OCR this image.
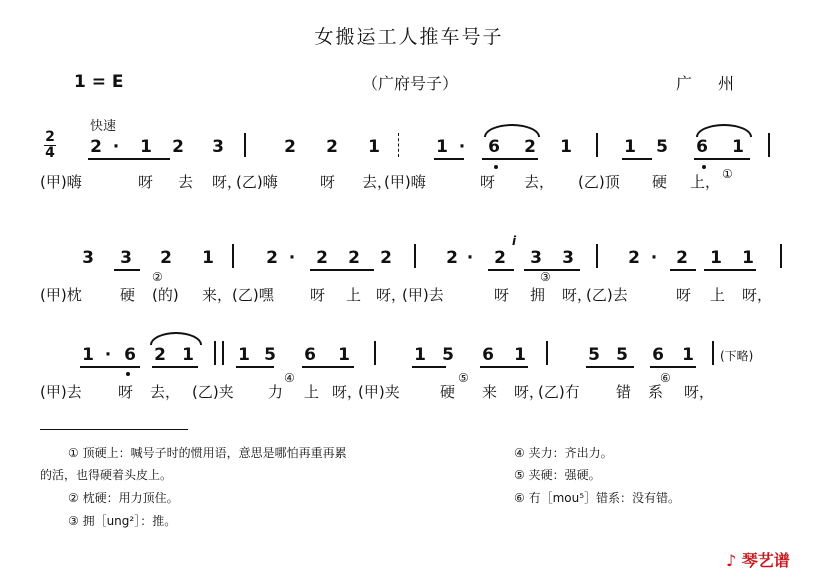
女搬运工人推车号子
1 = E	（广府号子）	广州
快速
2
4 2 · 1 2 3	2 2 1	1 · 6 2 1	1 5 6 1
(甲)嗨	呀 去 呀，
(乙)嗨	呀 去，
(甲)嗨	呀 去， (乙)顶 硬 上， ①
3 3 2 1	2 · 2 2 2	2 · 2 3 3	2 · 2 1 1
i
(甲)枕	硬 (的) 来， (乙)嘿 呀 上 呀，
(甲)去	呀 拥 呀，
(乙)去	呀 上 呀，
②	③
1 · 6 2 1	1 5 6 1	1 5 6 1	5 5 6 1 (下略)
(甲)去 呀 去， (乙)夹 力 上 呀，
(甲)夹	硬 来 呀，
(乙)冇 错 系 呀，
④	⑤	⑥
① 顶硬上：喊号子时的惯用语，意思是哪怕再重再累
的活，也得硬着头皮上。
② 枕硬：用力顶住。
③ 拥［ung²］：推。
④ 夹力：齐出力。
⑤ 夹硬：强硬。
⑥ 冇［mou⁵］错系：没有错。
♪ 琴艺谱
